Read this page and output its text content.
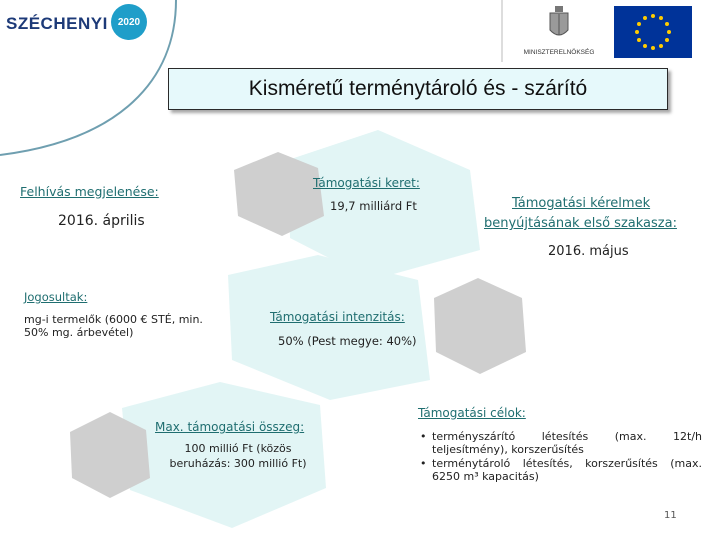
SZÉCHENYI 2020
MINISZTERELNÖKSÉG
Kisméretű terménytároló és - szárító
Felhívás megjelenése:
2016. április
Támogatási keret:
19,7 milliárd Ft	Támogatási kérelmek
benyújtásának első szakasza:
2016. május
Jogosultak:
mg-i termelők (6000 € STÉ, min.
50% mg. árbevétel)
Támogatási intenzitás:
50% (Pest megye: 40%)
Max. támogatási összeg:
100 millió Ft (közös
beruházás: 300 millió Ft)
Támogatási célok:
• terményszárító létesítés (max. 12t/h
teljesítmény), korszerűsítés
• terménytároló létesítés, korszerűsítés (max.
6250 m³ kapacitás)
11
